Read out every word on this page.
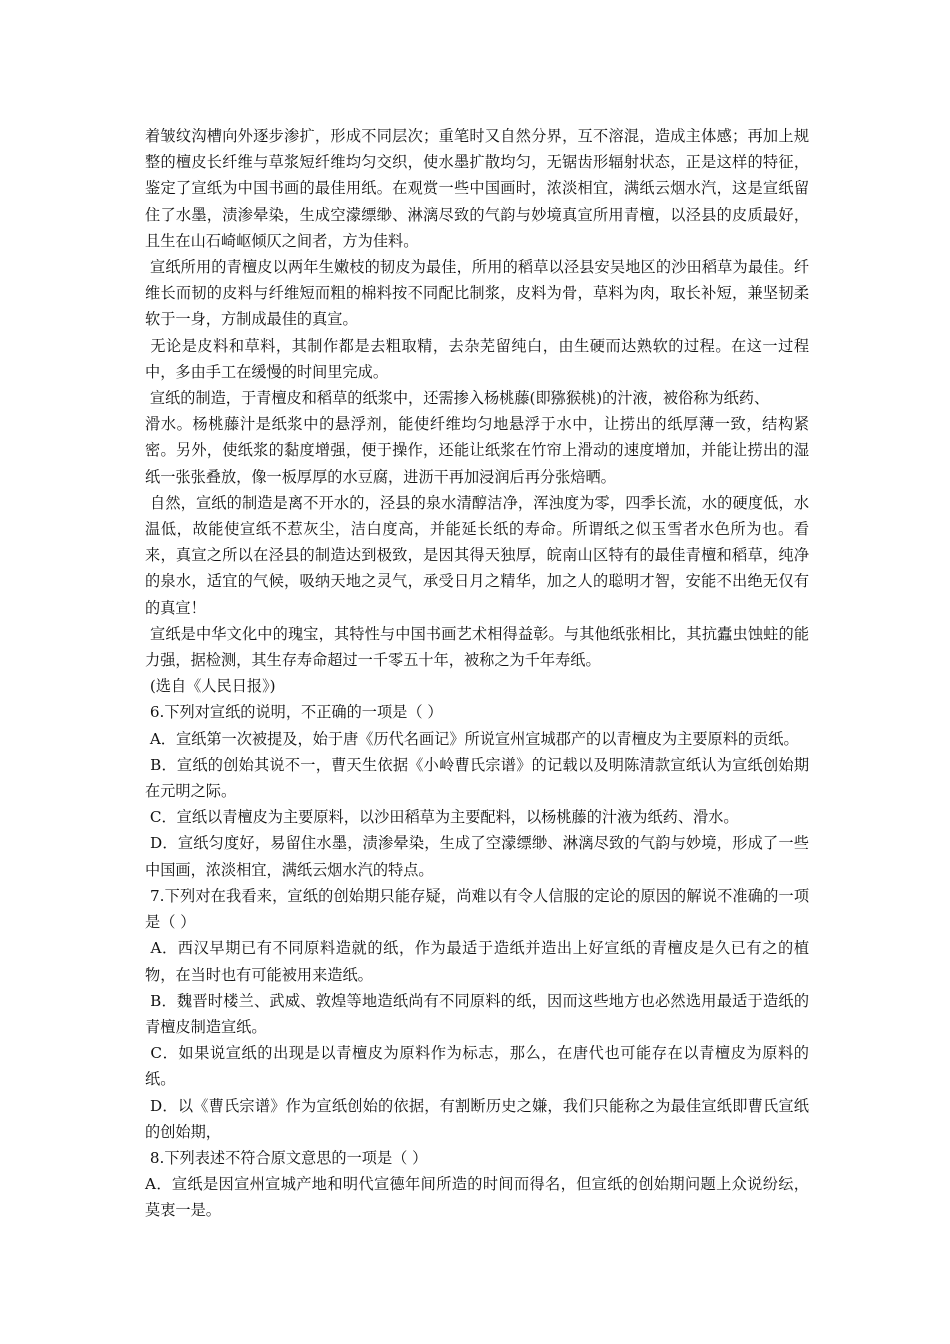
着皱纹沟槽向外逐步渗扩，形成不同层次；重笔时又自然分界，互不溶混，造成主体感；再加上规整的檀皮长纤维与草浆短纤维均匀交织，使水墨扩散均匀，无锯齿形辐射状态，正是这样的特征，鉴定了宣纸为中国书画的最佳用纸。在观赏一些中国画时，浓淡相宜，满纸云烟水汽，这是宣纸留住了水墨，渍渗晕染，生成空濛缥缈、淋漓尽致的气韵与妙境真宣所用青檀，以泾县的皮质最好，且生在山石崎岖倾仄之间者，方为佳料。

宣纸所用的青檀皮以两年生嫩枝的韧皮为最佳，所用的稻草以泾县安吴地区的沙田稻草为最佳。纤维长而韧的皮料与纤维短而粗的棉料按不同配比制浆，皮料为骨，草料为肉，取长补短，兼坚韧柔软于一身，方制成最佳的真宣。

无论是皮料和草料，其制作都是去粗取精，去杂芜留纯白，由生硬而达熟软的过程。在这一过程中，多由手工在缓慢的时间里完成。

宣纸的制造，于青檀皮和稻草的纸浆中，还需掺入杨桃藤(即猕猴桃)的汁液，被俗称为纸药、

滑水。杨桃藤汁是纸浆中的悬浮剂，能使纤维均匀地悬浮于水中，让捞出的纸厚薄一致，结构紧密。另外，使纸浆的黏度增强，便于操作，还能让纸浆在竹帘上滑动的速度增加，并能让捞出的湿纸一张张叠放，像一板厚厚的水豆腐，进沥干再加浸润后再分张焙晒。

自然，宣纸的制造是离不开水的，泾县的泉水清醇洁净，浑浊度为零，四季长流，水的硬度低，水温低，故能使宣纸不惹灰尘，洁白度高，并能延长纸的寿命。所谓纸之似玉雪者水色所为也。看来，真宣之所以在泾县的制造达到极致，是因其得天独厚，皖南山区特有的最佳青檀和稻草，纯净的泉水，适宜的气候，吸纳天地之灵气，承受日月之精华，加之人的聪明才智，安能不出绝无仅有的真宣！

宣纸是中华文化中的瑰宝，其特性与中国书画艺术相得益彰。与其他纸张相比，其抗蠹虫蚀蛀的能力强，据检测，其生存寿命超过一千零五十年，被称之为千年寿纸。

(选自《人民日报》)

6.下列对宣纸的说明，不正确的一项是（ ）

A．宣纸第一次被提及，始于唐《历代名画记》所说宣州宣城郡产的以青檀皮为主要原料的贡纸。

B．宣纸的创始其说不一，曹天生依据《小岭曹氏宗谱》的记载以及明陈清款宣纸认为宣纸创始期在元明之际。

C．宣纸以青檀皮为主要原料，以沙田稻草为主要配料，以杨桃藤的汁液为纸药、滑水。

D．宣纸匀度好，易留住水墨，渍渗晕染，生成了空濛缥缈、淋漓尽致的气韵与妙境，形成了一些中国画，浓淡相宜，满纸云烟水汽的特点。

7.下列对在我看来，宣纸的创始期只能存疑，尚难以有令人信服的定论的原因的解说不准确的一项是（ ）

A．西汉早期已有不同原料造就的纸，作为最适于造纸并造出上好宣纸的青檀皮是久已有之的植物，在当时也有可能被用来造纸。

B．魏晋时楼兰、武威、敦煌等地造纸尚有不同原料的纸，因而这些地方也必然选用最适于造纸的青檀皮制造宣纸。

C．如果说宣纸的出现是以青檀皮为原料作为标志，那么，在唐代也可能存在以青檀皮为原料的纸。

D．以《曹氏宗谱》作为宣纸创始的依据，有割断历史之嫌，我们只能称之为最佳宣纸即曹氏宣纸的创始期，

8.下列表述不符合原文意思的一项是（ ）

A．宣纸是因宣州宣城产地和明代宣德年间所造的时间而得名，但宣纸的创始期问题上众说纷纭，莫衷一是。
